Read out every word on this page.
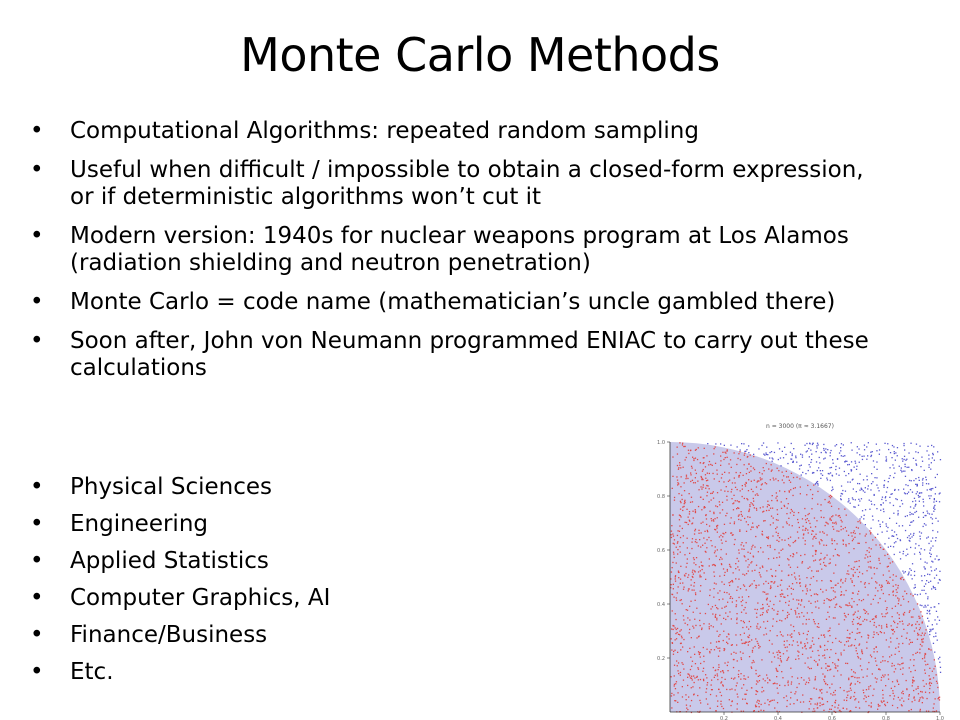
Monte Carlo Methods
• Computational Algorithms: repeated random sampling
• Useful when difficult / impossible to obtain a closed-form expression, or if deterministic algorithms won’t cut it
• Modern version: 1940s for nuclear weapons program at Los Alamos (radiation shielding and neutron penetration)
• Monte Carlo = code name (mathematician’s uncle gambled there)
• Soon after, John von Neumann programmed ENIAC to carry out these calculations
• Physical Sciences
• Engineering
• Applied Statistics
• Computer Graphics, AI
• Finance/Business
• Etc.
n = 3000 (π ≈ 3.1667)
0.2	0.4	0.6	0.8	1.0
0.2
0.4
0.6
0.8
1.0
